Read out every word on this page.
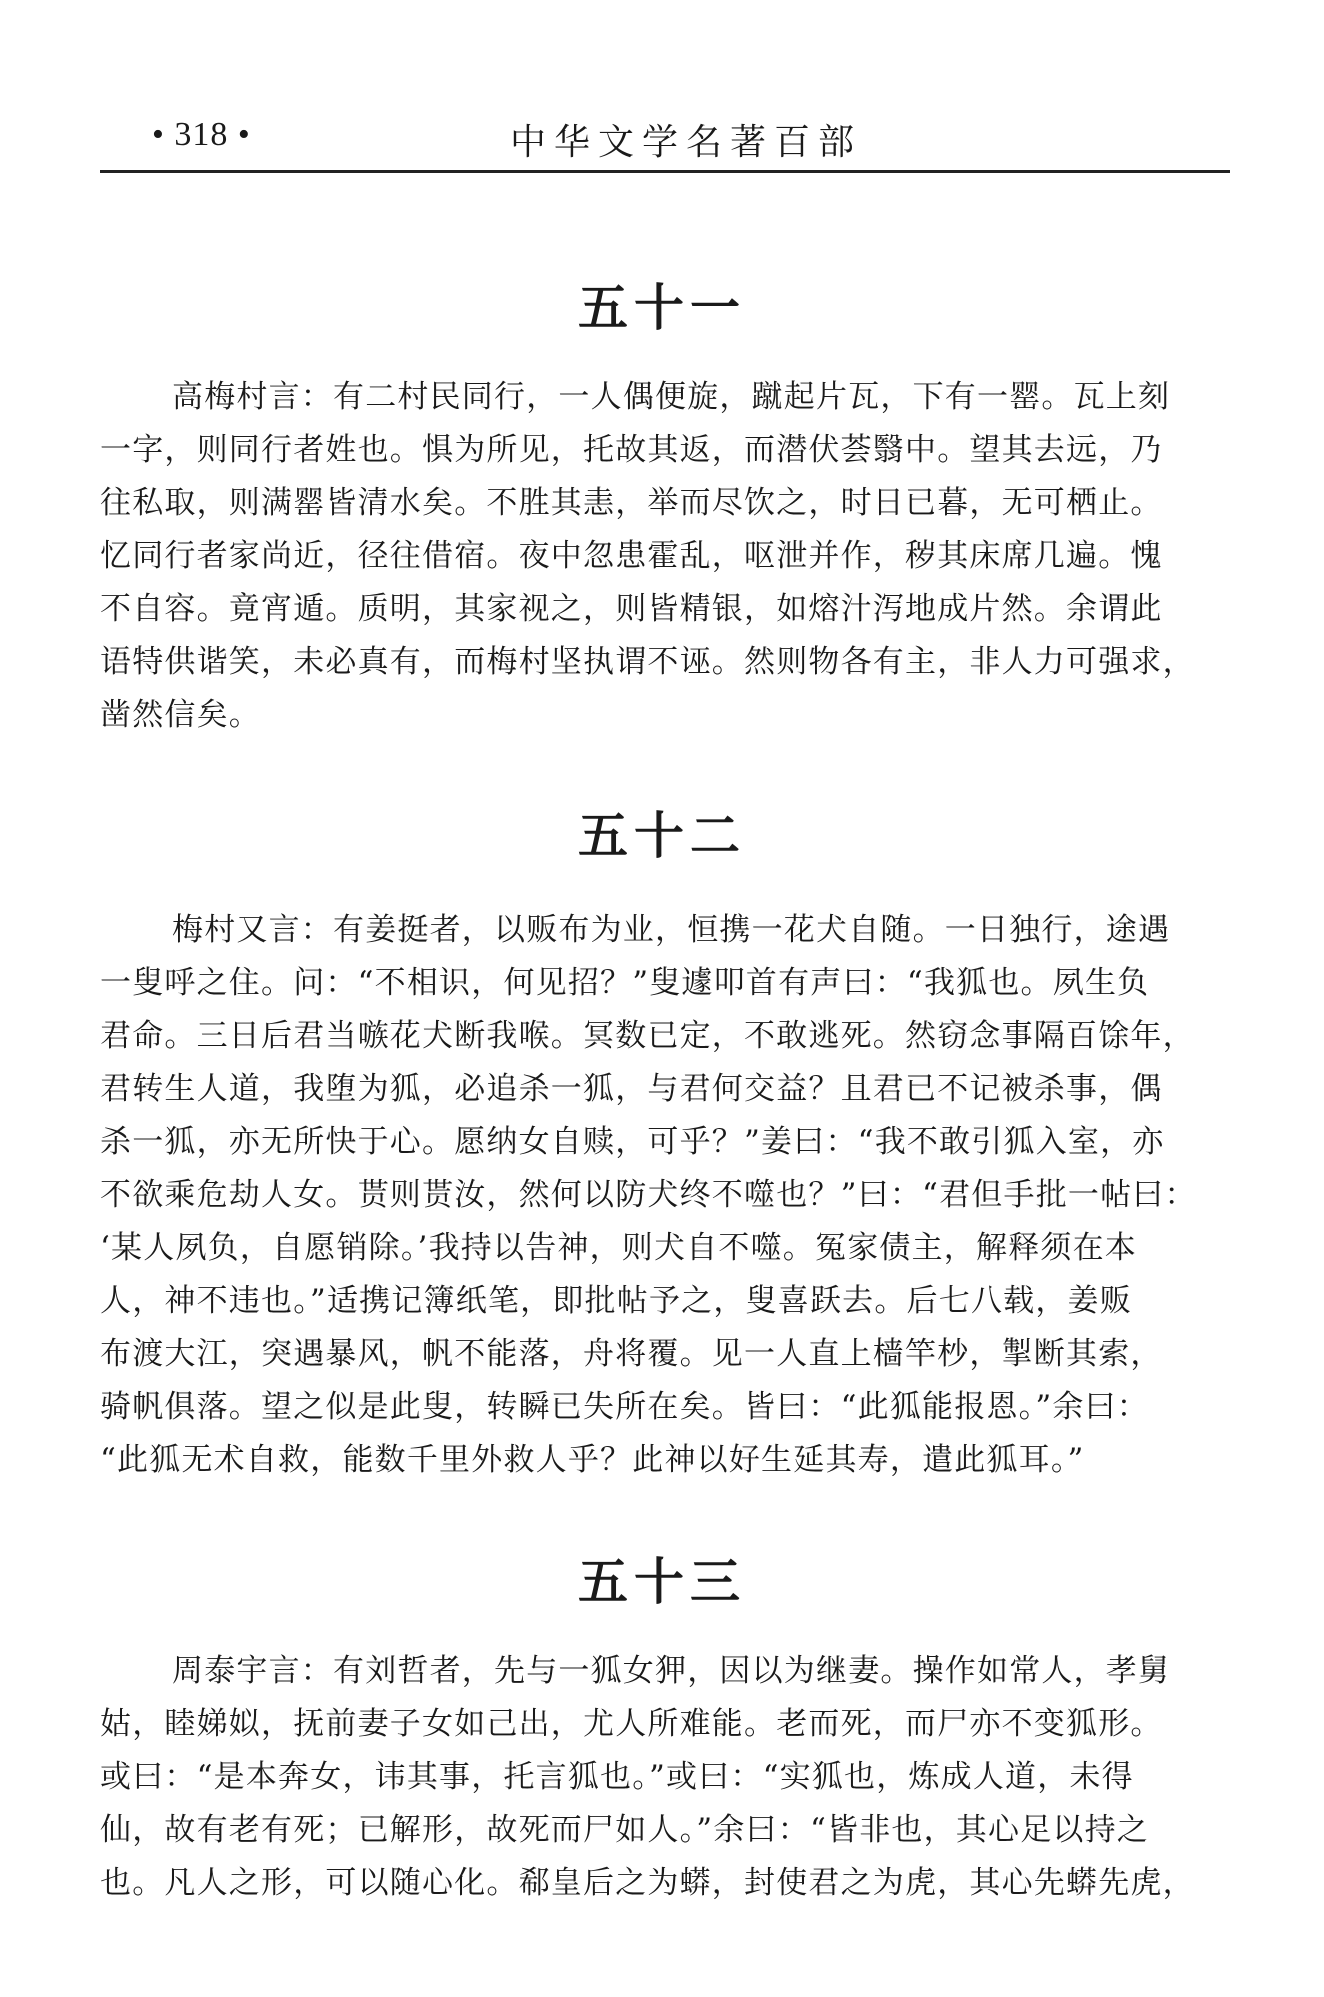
• 318 •	中华文学名著百部
五十一
高梅村言：有二村民同行，一人偶便旋，蹴起片瓦，下有一罂。瓦上刻
一字，则同行者姓也。惧为所见，托故其返，而潜伏荟翳中。望其去远，乃
往私取，则满罂皆清水矣。不胜其恚，举而尽饮之，时日已暮，无可栖止。
忆同行者家尚近，径往借宿。夜中忽患霍乱，呕泄并作，秽其床席几遍。愧
不自容。竟宵遁。质明，其家视之，则皆精银，如熔汁泻地成片然。余谓此
语特供谐笑，未必真有，而梅村坚执谓不诬。然则物各有主，非人力可强求，
凿然信矣。
五十二
梅村又言：有姜挺者，以贩布为业，恒携一花犬自随。一日独行，途遇
一叟呼之住。问：“不相识，何见招？”叟遽叩首有声曰：“我狐也。夙生负
君命。三日后君当嗾花犬断我喉。冥数已定，不敢逃死。然窃念事隔百馀年，
君转生人道，我堕为狐，必追杀一狐，与君何交益？且君已不记被杀事，偶
杀一狐，亦无所快于心。愿纳女自赎，可乎？”姜曰：“我不敢引狐入室，亦
不欲乘危劫人女。贳则贳汝，然何以防犬终不噬也？”曰：“君但手批一帖曰：
‘某人夙负，自愿销除。’我持以告神，则犬自不噬。冤家债主，解释须在本
人，神不违也。”适携记簿纸笔，即批帖予之，叟喜跃去。后七八载，姜贩
布渡大江，突遇暴风，帆不能落，舟将覆。见一人直上樯竿杪，掣断其索，
骑帆俱落。望之似是此叟，转瞬已失所在矣。皆曰：“此狐能报恩。”余曰：
“此狐无术自救，能数千里外救人乎？此神以好生延其寿，遣此狐耳。”
五十三
周泰宇言：有刘哲者，先与一狐女狎，因以为继妻。操作如常人，孝舅
姑，睦娣姒，抚前妻子女如己出，尤人所难能。老而死，而尸亦不变狐形。
或曰：“是本奔女，讳其事，托言狐也。”或曰：“实狐也，炼成人道，未得
仙，故有老有死；已解形，故死而尸如人。”余曰：“皆非也，其心足以持之
也。凡人之形，可以随心化。郗皇后之为蟒，封使君之为虎，其心先蟒先虎，
